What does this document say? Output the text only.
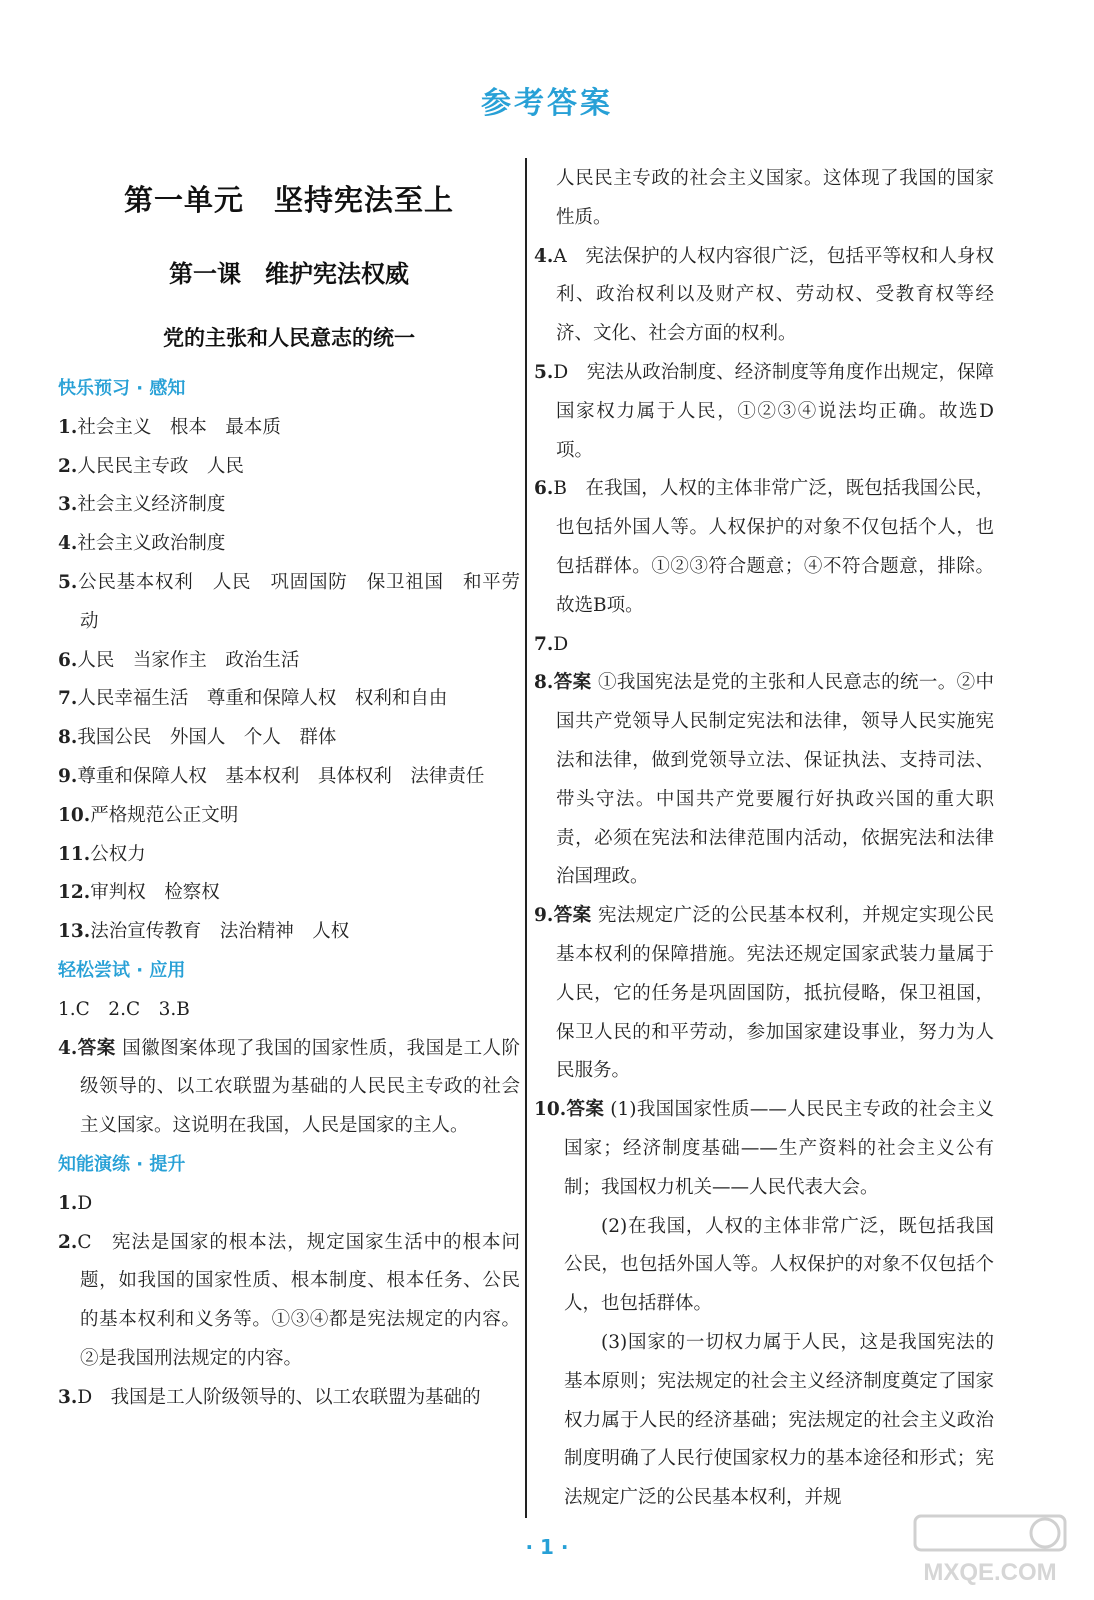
参考答案
第一单元　坚持宪法至上
第一课　维护宪法权威
党的主张和人民意志的统一
快乐预习 · 感知
1.社会主义　根本　最本质
2.人民民主专政　人民
3.社会主义经济制度
4.社会主义政治制度
5.公民基本权利　人民　巩固国防　保卫祖国　和平劳动
6.人民　当家作主　政治生活
7.人民幸福生活　尊重和保障人权　权利和自由
8.我国公民　外国人　个人　群体
9.尊重和保障人权　基本权利　具体权利　法律责任
10.严格规范公正文明
11.公权力
12.审判权　检察权
13.法治宣传教育　法治精神　人权
轻松尝试 · 应用
1.C　2.C　3.B
4.答案  国徽图案体现了我国的国家性质，我国是工人阶级领导的、以工农联盟为基础的人民民主专政的社会主义国家。这说明在我国，人民是国家的主人。
知能演练 · 提升
1.D
2.C　宪法是国家的根本法，规定国家生活中的根本问题，如我国的国家性质、根本制度、根本任务、公民的基本权利和义务等。①③④都是宪法规定的内容。②是我国刑法规定的内容。
3.D　我国是工人阶级领导的、以工农联盟为基础的
人民民主专政的社会主义国家。这体现了我国的国家性质。
4.A　宪法保护的人权内容很广泛，包括平等权和人身权利、政治权利以及财产权、劳动权、受教育权等经济、文化、社会方面的权利。
5.D　宪法从政治制度、经济制度等角度作出规定，保障国家权力属于人民，①②③④说法均正确。故选D项。
6.B　在我国，人权的主体非常广泛，既包括我国公民，也包括外国人等。人权保护的对象不仅包括个人，也包括群体。①②③符合题意；④不符合题意，排除。故选B项。
7.D
8.答案  ①我国宪法是党的主张和人民意志的统一。②中国共产党领导人民制定宪法和法律，领导人民实施宪法和法律，做到党领导立法、保证执法、支持司法、带头守法。中国共产党要履行好执政兴国的重大职责，必须在宪法和法律范围内活动，依据宪法和法律治国理政。
9.答案  宪法规定广泛的公民基本权利，并规定实现公民基本权利的保障措施。宪法还规定国家武装力量属于人民，它的任务是巩固国防，抵抗侵略，保卫祖国，保卫人民的和平劳动，参加国家建设事业，努力为人民服务。
10.答案  (1)我国国家性质——人民民主专政的社会主义国家；经济制度基础——生产资料的社会主义公有制；我国权力机关——人民代表大会。
(2)在我国，人权的主体非常广泛，既包括我国公民，也包括外国人等。人权保护的对象不仅包括个人，也包括群体。
(3)国家的一切权力属于人民，这是我国宪法的基本原则；宪法规定的社会主义经济制度奠定了国家权力属于人民的经济基础；宪法规定的社会主义政治制度明确了人民行使国家权力的基本途径和形式；宪法规定广泛的公民基本权利，并规
· 1 ·
MXQE.COM
